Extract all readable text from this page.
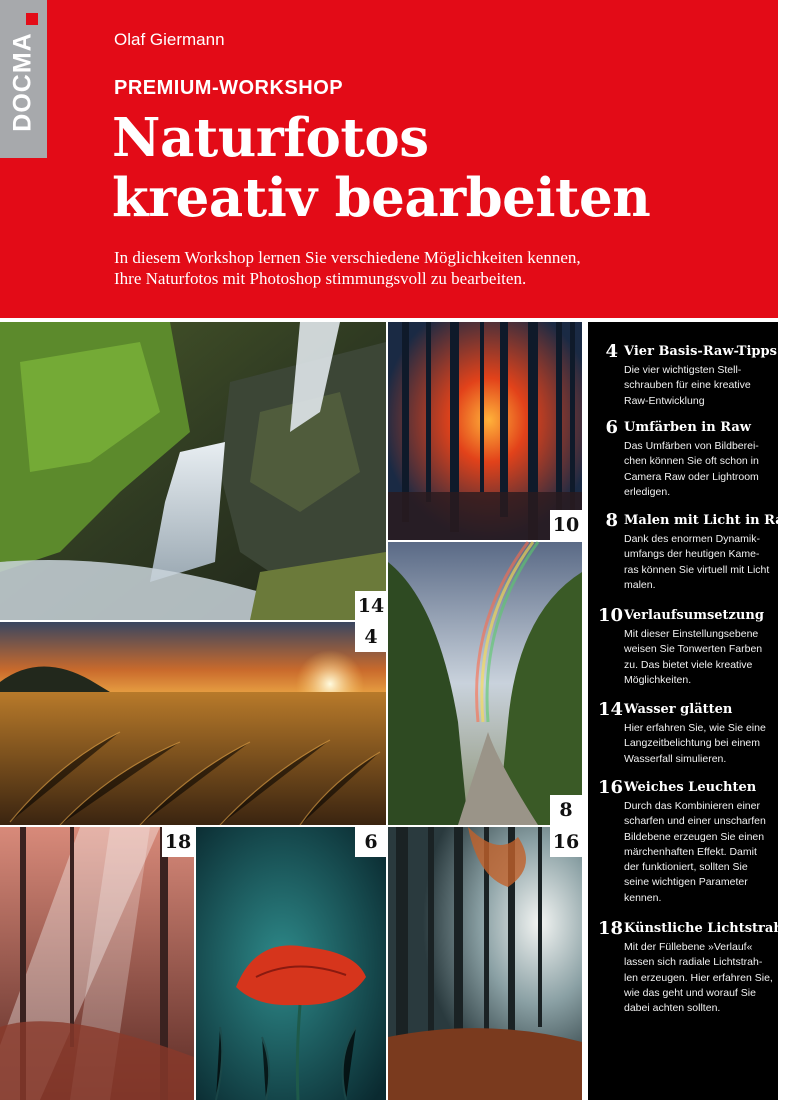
DOCMA	Olaf Giermann
PREMIUM-WORKSHOP
Naturfotos
kreativ bearbeiten
In diesem Workshop lernen Sie verschiedene Möglichkeiten kennen,
Ihre Naturfotos mit Photoshop stimmungsvoll zu bearbeiten.
14
10
4
8
18	6	16
4 Vier Basis-Raw-Tipps
Die vier wichtigsten Stell-
schrauben für eine kreative
Raw-Entwicklung
6 Umfärben in Raw
Das Umfärben von Bildberei-
chen können Sie oft schon in
Camera Raw oder Lightroom
erledigen.
8 Malen mit Licht in Raw
Dank des enormen Dynamik-
umfangs der heutigen Kame-
ras können Sie virtuell mit Licht
malen.
10 Verlaufsumsetzung
Mit dieser Einstellungsebene
weisen Sie Tonwerten Farben
zu. Das bietet viele kreative
Möglichkeiten.
14 Wasser glätten
Hier erfahren Sie, wie Sie eine
Langzeitbelichtung bei einem
Wasserfall simulieren.
16 Weiches Leuchten
Durch das Kombinieren einer
scharfen und einer unscharfen
Bildebene erzeugen Sie einen
märchenhaften Effekt. Damit
der funktioniert, sollten Sie
seine wichtigen Parameter
kennen.
18 Künstliche Lichtstrahlen
Mit der Füllebene »Verlauf«
lassen sich radiale Lichtstrah-
len erzeugen. Hier erfahren Sie,
wie das geht und worauf Sie
dabei achten sollten.
